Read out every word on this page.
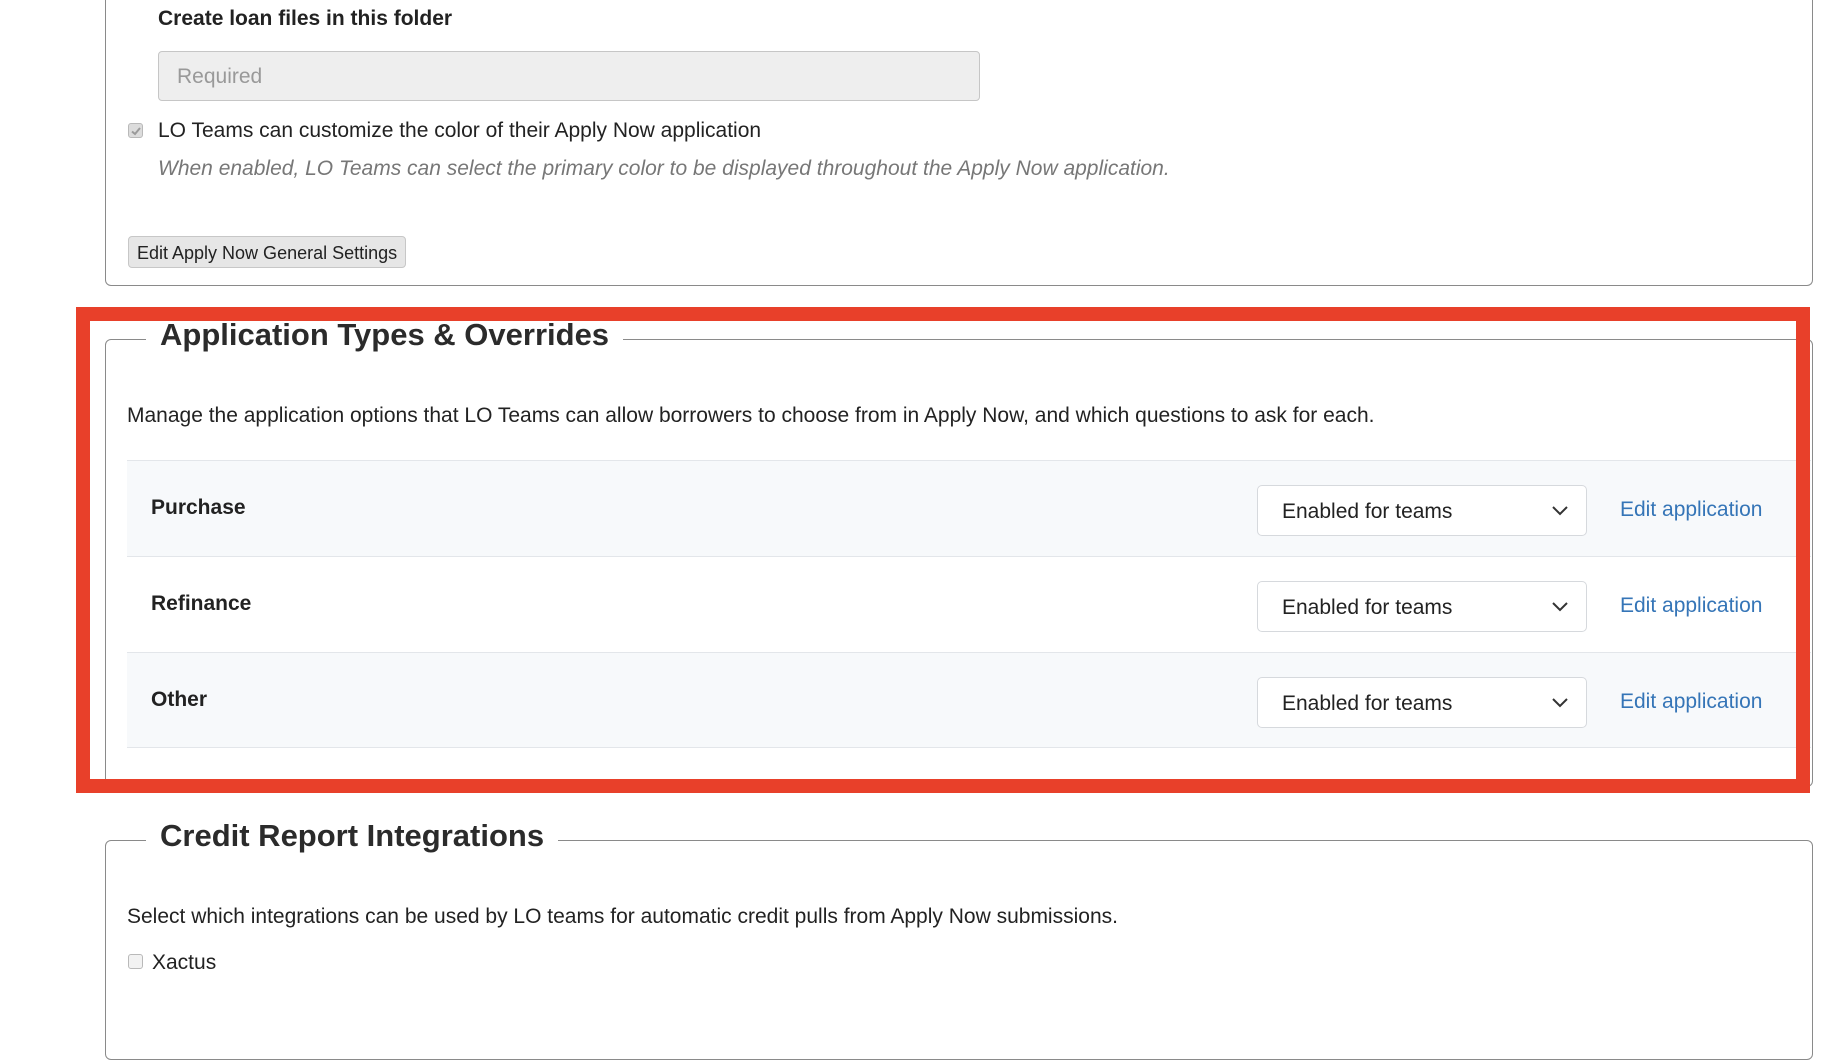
Create loan files in this folder
Required
LO Teams can customize the color of their Apply Now application
When enabled, LO Teams can select the primary color to be displayed throughout the Apply Now application.
Edit Apply Now General Settings
Application Types & Overrides
Manage the application options that LO Teams can allow borrowers to choose from in Apply Now, and which questions to ask for each.
Purchase	Enabled for teams	Edit application
Refinance	Enabled for teams	Edit application
Other	Enabled for teams	Edit application
Credit Report Integrations
Select which integrations can be used by LO teams for automatic credit pulls from Apply Now submissions.
Xactus
